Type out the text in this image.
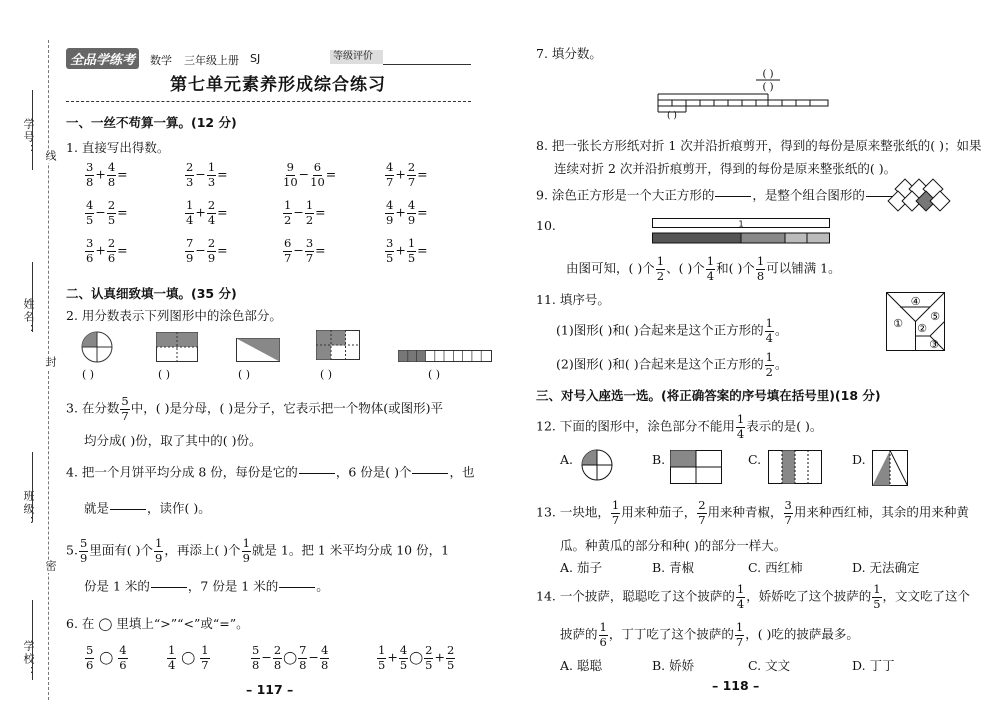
学号： 线
姓名：
封
班级：
密
学校：
全品学练考	数学 三年级上册 SJ	等级评价
第七单元素养形成综合练习
一、一丝不苟算一算。(12 分)
1. 直接写出得数。
$\frac{3}{8} + \frac{4}{8}$ =	$\frac{2}{3} - \frac{1}{3}$ =	$\frac{9}{10} - \frac{6}{10}$ =	$\frac{4}{7} + \frac{2}{7}$ =
$\frac{4}{5} - \frac{2}{5}$ =	$\frac{1}{4} + \frac{2}{4}$ =	$\frac{1}{2} - \frac{1}{2}$ =	$\frac{4}{9} + \frac{4}{9}$ =
$\frac{3}{6} + \frac{2}{6}$ =	$\frac{7}{9} - \frac{2}{9}$ =	$\frac{6}{7} - \frac{3}{7}$ =	$\frac{3}{5} + \frac{1}{5}$ =
二、认真细致填一填。(35 分)
2. 用分数表示下列图形中的涂色部分。
( )	( )	( )	( )	( )
3. 在分数 $\frac{5}{7}$ 中，( )是分母，( )是分子，它表示把一个物体(或图形)平
均分成( )份，取了其中的( )份。
4. 把一个月饼平均分成 8 份，每份是它的
	，6 份是( )个
	，也
就是
	，读作( )。
5. $\frac{5}{9}$ 里面有( )个 $\frac{1}{9}$ ，再添上( )个 $\frac{1}{9}$ 就是 1。把 1 米平均分成 10 份，1
份是 1 米的
	，7 份是 1 米的
	。
6. 在 ◯ 里填上“>”“<”或“=”。
$\frac{5}{6}$ ◯ $\frac{4}{6}$	$\frac{1}{4}$ ◯ $\frac{1}{7}$	$\frac{5}{8} - \frac{2}{8}$ ◯ $\frac{7}{8} - \frac{4}{8}$	$\frac{1}{5} + \frac{4}{5}$ ◯ $\frac{2}{5} + \frac{2}{5}$
– 117 –
7. 填分数。
( )
( )
( )
8. 把一张长方形纸对折 1 次并沿折痕剪开，得到的每份是原来整张纸的( )；如果
连续对折 2 次并沿折痕剪开，得到的每份是原来整张纸的( )。
9. 涂色正方形是一个大正方形的
	，是整个组合图形的

10.	1
由图可知，( )个 $\frac{1}{2}$ 、( )个 $\frac{1}{4}$ 和( )个 $\frac{1}{8}$ 可以铺满 1。
11. 填序号。
(1)图形( )和( )合起来是这个正方形的 $\frac{1}{4}$ 。
(2)图形( )和( )合起来是这个正方形的 $\frac{1}{2}$ 。
④
①
⑤
②
③
三、对号入座选一选。(将正确答案的序号填在括号里)(18 分)
12. 下面的图形中，涂色部分不能用 $\frac{1}{4}$ 表示的是( )。
A.	B.	C.	D.
13. 一块地， $\frac{1}{7}$ 用来种茄子， $\frac{2}{7}$ 用来种青椒， $\frac{3}{7}$ 用来种西红柿，其余的用来种黄
瓜。种黄瓜的部分和种( )的部分一样大。
A. 茄子	B. 青椒	C. 西红柿	D. 无法确定
14. 一个披萨，聪聪吃了这个披萨的 $\frac{1}{4}$ ，娇娇吃了这个披萨的 $\frac{1}{5}$ ，文文吃了这个
披萨的 $\frac{1}{6}$ ，丁丁吃了这个披萨的 $\frac{1}{7}$ ，( )吃的披萨最多。
A. 聪聪	B. 娇娇	C. 文文	D. 丁丁
– 118 –
